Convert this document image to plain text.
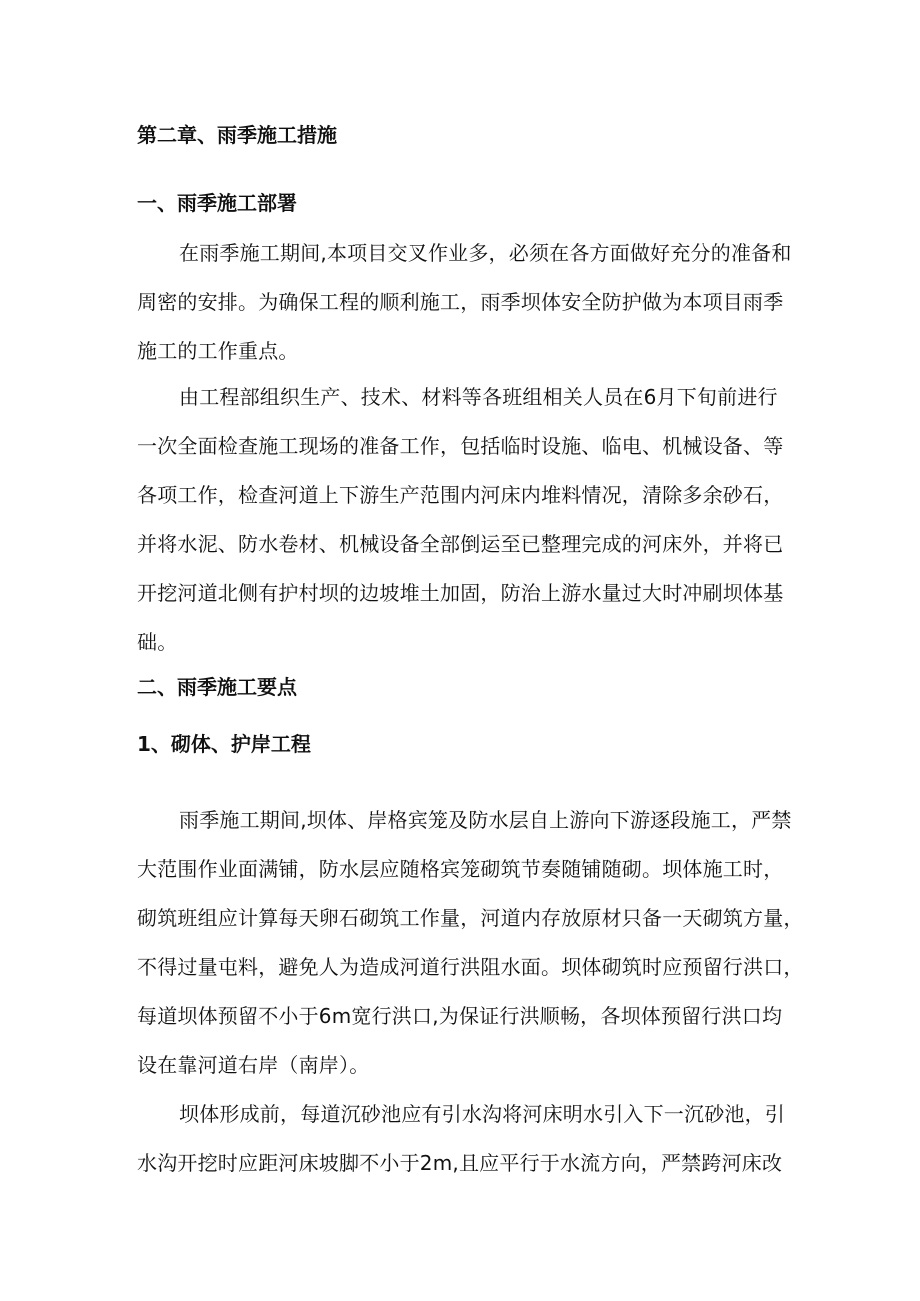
第二章、雨季施工措施
一、雨季施工部署
在雨季施工期间,本项目交叉作业多，必须在各方面做好充分的准备和
周密的安排。为确保工程的顺利施工，雨季坝体安全防护做为本项目雨季
施工的工作重点。
由工程部组织生产、技术、材料等各班组相关人员在6月下旬前进行
一次全面检查施工现场的准备工作，包括临时设施、临电、机械设备、等
各项工作，检查河道上下游生产范围内河床内堆料情况，清除多余砂石，
并将水泥、防水卷材、机械设备全部倒运至已整理完成的河床外，并将已
开挖河道北侧有护村坝的边坡堆土加固，防治上游水量过大时冲刷坝体基
础。
二、雨季施工要点
1、砌体、护岸工程
雨季施工期间,坝体、岸格宾笼及防水层自上游向下游逐段施工，严禁
大范围作业面满铺，防水层应随格宾笼砌筑节奏随铺随砌。坝体施工时，
砌筑班组应计算每天卵石砌筑工作量，河道内存放原材只备一天砌筑方量，
不得过量屯料，避免人为造成河道行洪阻水面。坝体砌筑时应预留行洪口，
每道坝体预留不小于6m宽行洪口,为保证行洪顺畅，各坝体预留行洪口均
设在靠河道右岸（南岸）。
坝体形成前，每道沉砂池应有引水沟将河床明水引入下一沉砂池，引
水沟开挖时应距河床坡脚不小于2m,且应平行于水流方向，严禁跨河床改
